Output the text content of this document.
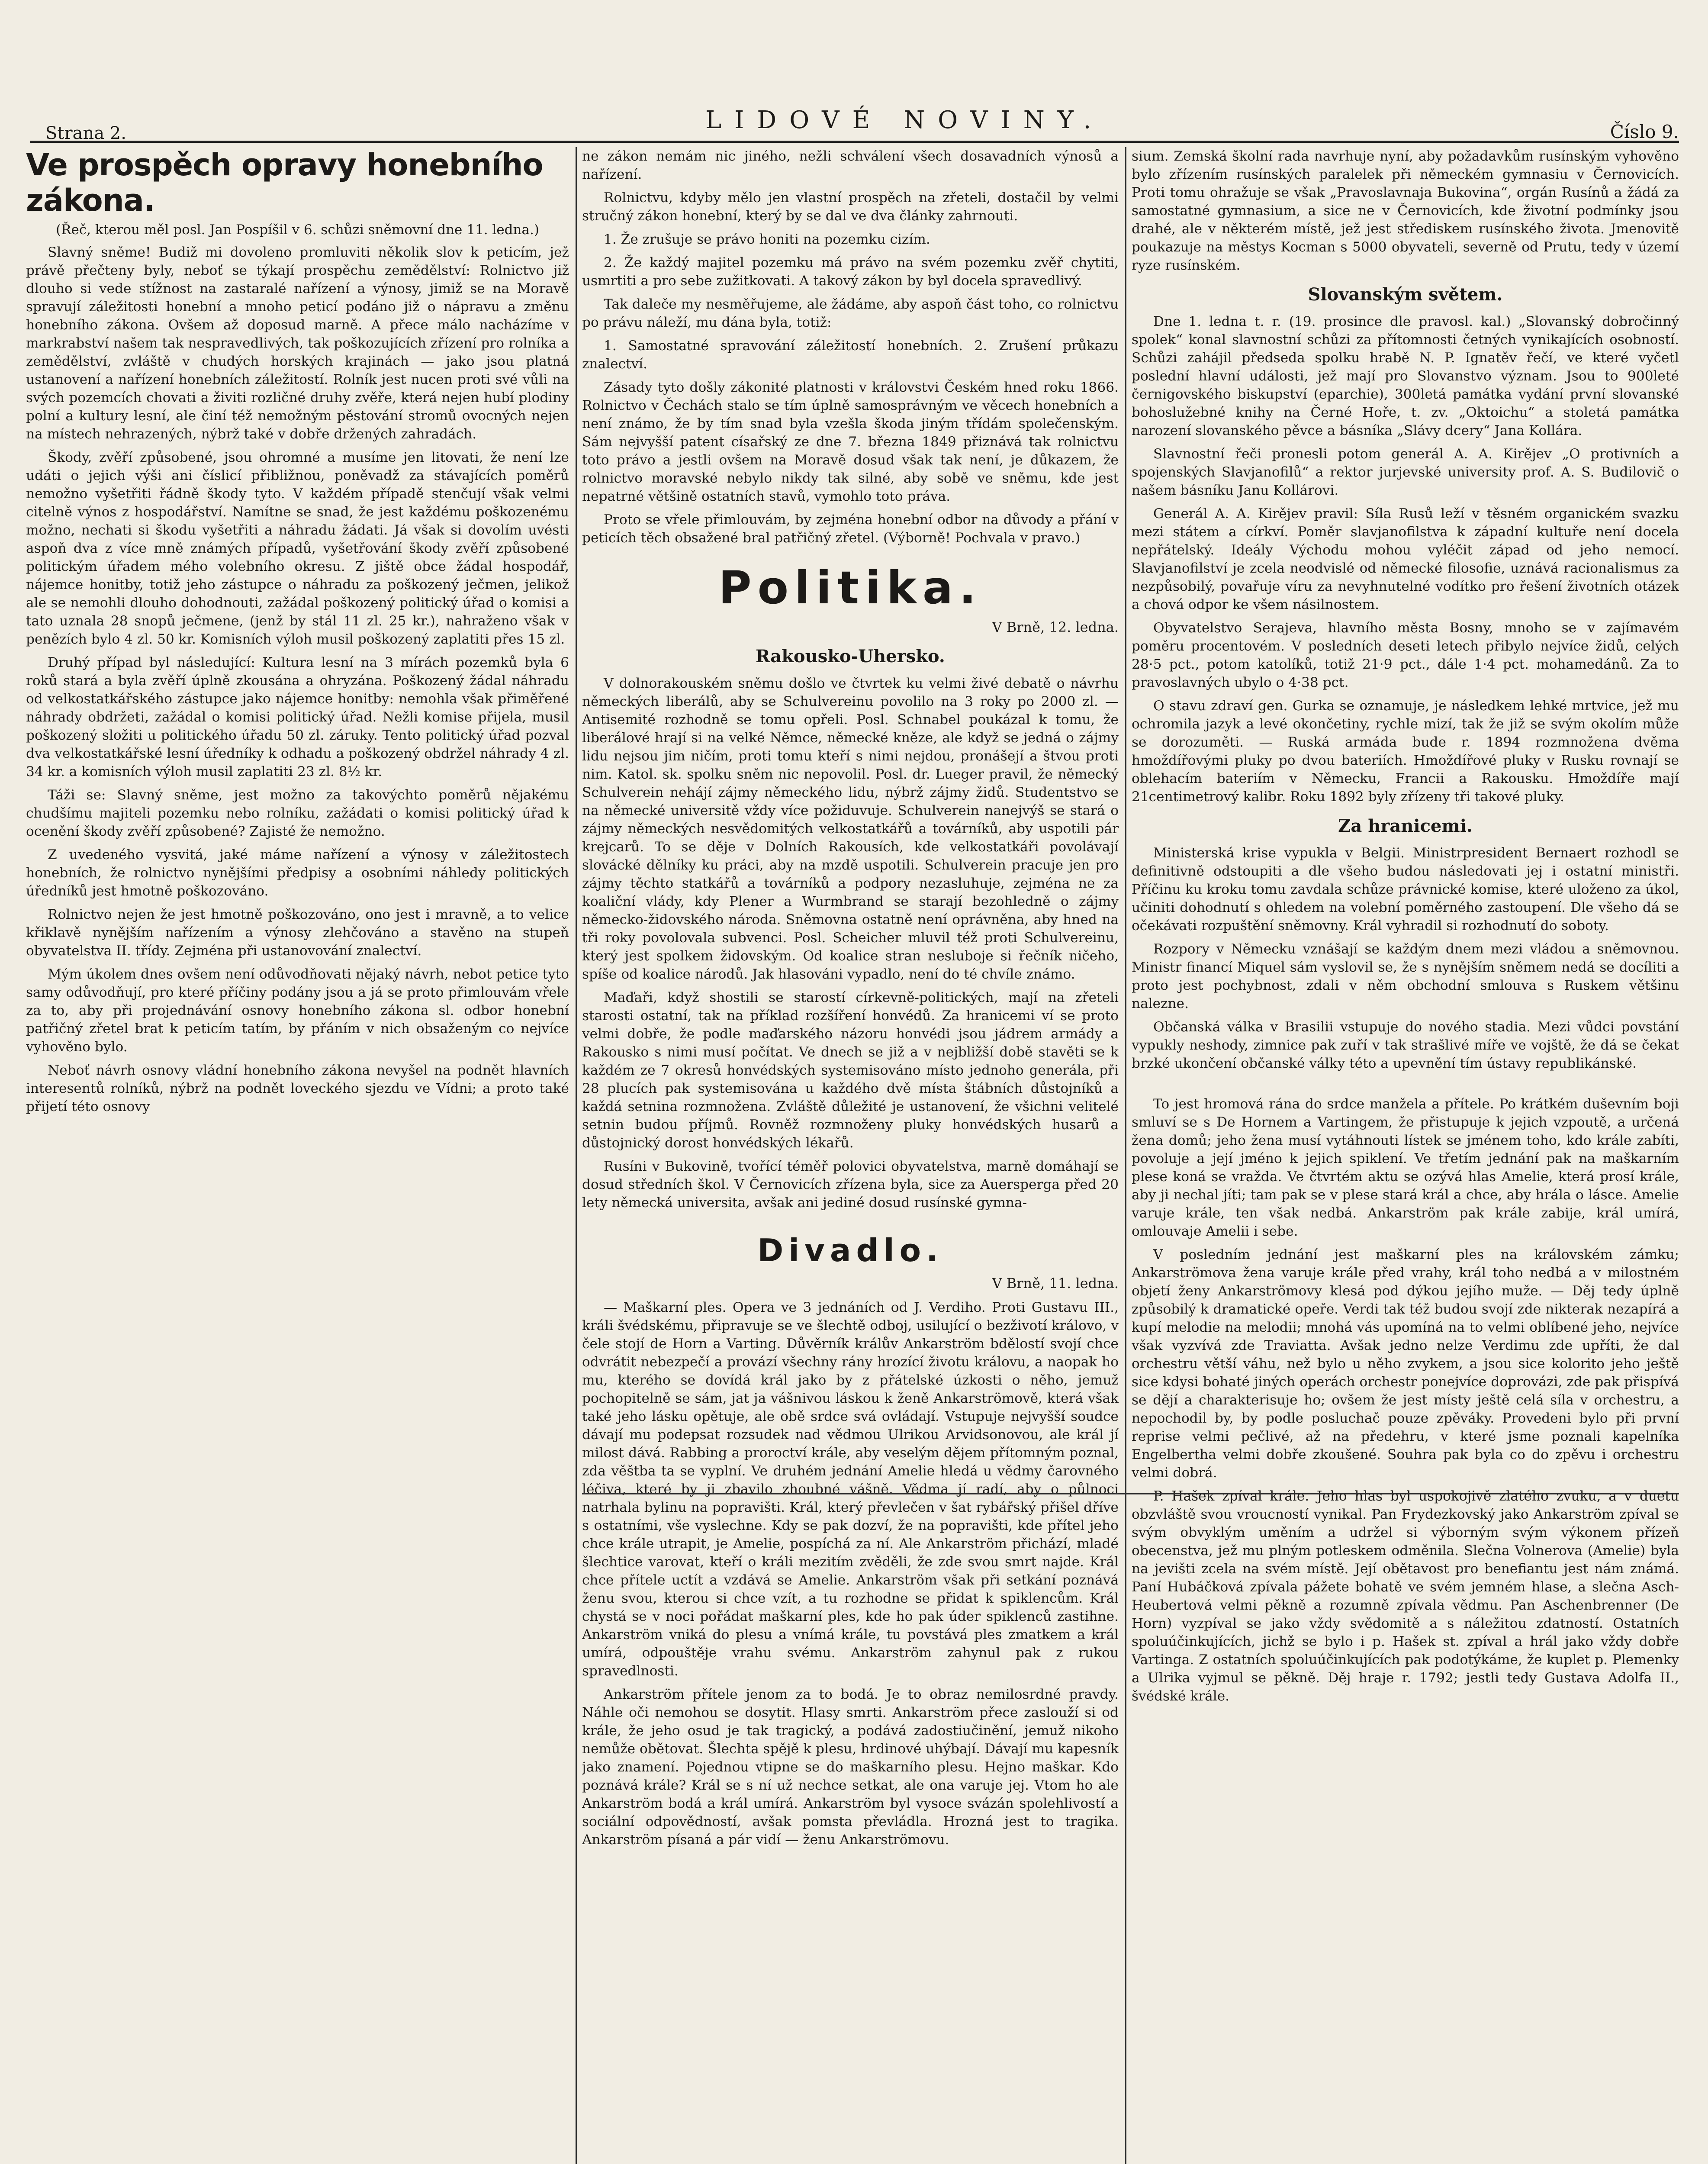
Strana 2.	LIDOVÉ NOVINY.	Číslo 9.
Ve prospěch opravy honebního zákona.
(Řeč, kterou měl posl. Jan Pospíšil v 6. schůzi sněmovní dne 11. ledna.)

Slavný sněme! Budiž mi dovoleno promluviti několik slov k peticím, jež právě přečteny byly, neboť se týkají prospěchu zemědělství: Rolnictvo již dlouho si vede stížnost na zastaralé nařízení a výnosy, jimiž se na Moravě spravují záležitosti honební a mnoho peticí podáno již o nápravu a změnu honebního zákona. Ovšem až doposud marně. A přece málo nacházíme v markrabství našem tak nespravedlivých, tak poškozujících zřízení pro rolníka a zemědělství, zvláště v chudých horských krajinách — jako jsou platná ustanovení a nařízení honebních záležitostí. Rolník jest nucen proti své vůli na svých pozemcích chovati a živiti rozličné druhy zvěře, která nejen hubí plodiny polní a kultury lesní, ale činí též nemožným pěstování stromů ovocných nejen na místech nehrazených, nýbrž také v dobře držených zahradách.

Škody, zvěří způsobené, jsou ohromné a musíme jen litovati, že není lze udáti o jejich výši ani číslicí přibližnou, poněvadž za stávajících poměrů nemožno vyšetřiti řádně škody tyto. V každém případě stenčují však velmi citelně výnos z hospodářství. Namítne se snad, že jest každému poškozenému možno, nechati si škodu vyšetřiti a náhradu žádati. Já však si dovolím uvésti aspoň dva z více mně známých případů, vyšetřování škody zvěří způsobené politickým úřadem mého volebního okresu. Z jiště obce žádal hospodář, nájemce honitby, totiž jeho zástupce o náhradu za poškozený ječmen, jelikož ale se nemohli dlouho dohodnouti, zažádal poškozený politický úřad o komisi a tato uznala 28 snopů ječmene, (jenž by stál 11 zl. 25 kr.), nahraženo však v penězích bylo 4 zl. 50 kr. Komisních výloh musil poškozený zaplatiti přes 15 zl.

Druhý případ byl následující: Kultura lesní na 3 mírách pozemků byla 6 roků stará a byla zvěří úplně zkousána a ohryzána. Poškozený žádal náhradu od velkostatkářského zástupce jako nájemce honitby: nemohla však přiměřené náhrady obdržeti, zažádal o komisi politický úřad. Nežli komise přijela, musil poškozený složiti u politického úřadu 50 zl. záruky. Tento politický úřad pozval dva velkostatkářské lesní úředníky k odhadu a poškozený obdržel náhrady 4 zl. 34 kr. a komisních výloh musil zaplatiti 23 zl. 8½ kr.

Táži se: Slavný sněme, jest možno za takovýchto poměrů nějakému chudšímu majiteli pozemku nebo rolníku, zažádati o komisi politický úřad k ocenění škody zvěří způsobené? Zajisté že nemožno.

Z uvedeného vysvitá, jaké máme nařízení a výnosy v záležitostech honebních, že rolnictvo nynějšími předpisy a osobními náhledy politických úředníků jest hmotně poškozováno.

Rolnictvo nejen že jest hmotně poškozováno, ono jest i mravně, a to velice křiklavě nynějším nařízením a výnosy zlehčováno a stavěno na stupeň obyvatelstva II. třídy. Zejména při ustanovování znalectví.

Mým úkolem dnes ovšem není odůvodňovati nějaký návrh, nebot petice tyto samy odůvodňují, pro které příčiny podány jsou a já se proto přimlouvám vřele za to, aby při projednávání osnovy honebního zákona sl. odbor honební patřičný zřetel brat k peticím tatím, by přáním v nich obsaženým co nejvíce vyhověno bylo.

Neboť návrh osnovy vládní honebního zákona nevyšel na podnět hlavních interesentů rolníků, nýbrž na podnět loveckého sjezdu ve Vídni; a proto také přijetí této osnovy

ne zákon nemám nic jiného, nežli schválení všech dosavadních výnosů a nařízení.

Rolnictvu, kdyby mělo jen vlastní prospěch na zřeteli, dostačil by velmi stručný zákon honební, který by se dal ve dva články zahrnouti.

1. Že zrušuje se právo honiti na pozemku cizím.

2. Že každý majitel pozemku má právo na svém pozemku zvěř chytiti, usmrtiti a pro sebe zužitkovati. A takový zákon by byl docela spravedlivý.

Tak daleče my nesměřujeme, ale žádáme, aby aspoň část toho, co rolnictvu po právu náleží, mu dána byla, totiž:

1. Samostatné spravování záležitostí honebních. 2. Zrušení průkazu znalectví.

Zásady tyto došly zákonité platnosti v královstvi Českém hned roku 1866. Rolnictvo v Čechách stalo se tím úplně samosprávným ve věcech honebních a není známo, že by tím snad byla vzešla škoda jiným třídám společenským. Sám nejvyšší patent císařský ze dne 7. března 1849 přiznává tak rolnictvu toto právo a jestli ovšem na Moravě dosud však tak není, je důkazem, že rolnictvo moravské nebylo nikdy tak silné, aby sobě ve sněmu, kde jest nepatrné většině ostatních stavů, vymohlo toto práva.

Proto se vřele přimlouvám, by zejména honební odbor na důvody a přání v peticích těch obsažené bral patřičný zřetel. (Výborně! Pochvala v pravo.)

Politika.
V Brně, 12. ledna.
Rakousko-Uhersko.

V dolnorakouském sněmu došlo ve čtvrtek ku velmi živé debatě o návrhu německých liberálů, aby se Schulvereinu povolilo na 3 roky po 2000 zl. — Antisemité rozhodně se tomu opřeli. Posl. Schnabel poukázal k tomu, že liberálové hrají si na velké Němce, německé kněze, ale když se jedná o zájmy lidu nejsou jim ničím, proti tomu kteří s nimi nejdou, pronášejí a štvou proti nim. Katol. sk. spolku sněm nic nepovolil. Posl. dr. Lueger pravil, že německý Schulverein nehájí zájmy německého lidu, nýbrž zájmy židů. Studentstvo se na německé universitě vždy více požiduvuje. Schulverein nanejvýš se stará o zájmy německých nesvědomitých velkostatkářů a továrníků, aby uspotili pár krejcarů. To se děje v Dolních Rakousích, kde velkostatkáři povolávají slovácké dělníky ku práci, aby na mzdě uspotili. Schulverein pracuje jen pro zájmy těchto statkářů a továrníků a podpory nezasluhuje, zejména ne za koaliční vlády, kdy Plener a Wurmbrand se starají bezohledně o zájmy německo-židovského národa. Sněmovna ostatně není oprávněna, aby hned na tři roky povolovala subvenci. Posl. Scheicher mluvil též proti Schulvereinu, který jest spolkem židovským. Od koalice stran nesluboje si řečník ničeho, spíše od koalice národů. Jak hlasováni vypadlo, není do té chvíle známo.

Maďaři, když shostili se starostí církevně-politických, mají na zřeteli starosti ostatní, tak na příklad rozšíření honvédů. Za hranicemi ví se proto velmi dobře, že podle maďarského názoru honvédi jsou jádrem armády a Rakousko s nimi musí počítat. Ve dnech se již a v nejbližší době stavěti se k každém ze 7 okresů honvédských systemisováno místo jednoho generála, při 28 plucích pak systemisována u každého dvě místa štábních důstojníků a každá setnina rozmnožena. Zvláště důležité je ustanovení, že všichni velitelé setnin budou příjmů. Rovněž rozmnoženy pluky honvédských husarů a důstojnický dorost honvédských lékařů.

Rusíni v Bukovině, tvořící téměř polovici obyvatelstva, marně domáhají se dosud středních škol. V Černovicích zřízena byla, sice za Auerspergа před 20 lety německá universita, avšak ani jediné dosud rusínské gymna-

Divadlo.
V Brně, 11. ledna.

— Maškarní ples. Opera ve 3 jednáních od J. Verdiho. Proti Gustavu III., králi švédskému, připravuje se ve šlechtě odboj, usilující o bezživotí královo, v čele stojí de Horn a Varting. Důvěrník králův Ankarström bdělostí svojí chce odvrátit nebezpečí a provází všechny rány hrozící životu královu, a naopak ho mu, kterého se dovídá král jako by z přátelské úzkosti o něho, jemuž pochopitelně se sám, jat ja vášnivou láskou k ženě Ankarströmově, která však také jeho lásku opětuje, ale obě srdce svá ovládají. Vstupuje nejvyšší soudce dávají mu podepsat rozsudek nad vědmou Ulrikou Arvidsonovou, ale král jí milost dává. Rabbing a proroctví krále, aby veselým dějem přítomným poznal, zda věštba ta se vyplní. Ve druhém jednání Amelie hledá u vědmy čarovného léčiva, které by ji zbavilo zhoubné vášně. Vědma jí radí, aby o půlnoci natrhala bylinu na popravišti. Král, který převlečen v šat rybářský přišel dříve s ostatními, vše vyslechne. Kdy se pak dozví, že na popravišti, kde přítel jeho chce krále utrapit, je Amelie, pospíchá za ní. Ale Ankarström přichází, mladé šlechtice varovat, kteří o králi mezitím zvěděli, že zde svou smrt najde. Král chce přítele uctít a vzdává se Amelie. Ankarström však při setkání poznává ženu svou, kterou si chce vzít, a tu rozhodne se přidat k spiklencům. Král chystá se v noci pořádat maškarní ples, kde ho pak úder spiklenců zastihne. Ankarström vniká do plesu a vnímá krále, tu povstává ples zmatkem a král umírá, odpouštěje vrahu svému. Ankarström zahynul pak z rukou spravedlnosti.

Ankarström přítele jenom za to bodá. Je to obraz nemilosrdné pravdy. Náhle oči nemohou se dosytit. Hlasy smrti. Ankarström přece zaslouží si od krále, že jeho osud je tak tragický, a podává zadostiučinění, jemuž nikoho nemůže obětovat. Šlechta spějě k plesu, hrdinové uhýbají. Dávají mu kapesník jako znamení. Pojednou vtipne se do maškarního plesu. Hejno maškar. Kdo poznává krále? Král se s ní už nechce setkat, ale ona varuje jej. Vtom ho ale Ankarström bodá a král umírá. Ankarström byl vysoce svázán spolehlivostí a sociální odpovědností, avšak pomsta převládla. Hrozná jest to tragika. Ankarström písaná a pár vidí — ženu Ankarströmovu.

sium. Zemská školní rada navrhuje nyní, aby požadavkům rusínským vyhověno bylo zřízením rusínských paralelek při německém gymnasiu v Černovicích. Proti tomu ohražuje se však „Pravoslavnaja Bukovina“, orgán Rusínů a žádá za samostatné gymnasium, a sice ne v Černovicích, kde životní podmínky jsou drahé, ale v některém místě, jež jest střediskem rusínského života. Jmenovitě poukazuje na městys Kocman s 5000 obyvateli, severně od Prutu, tedy v území ryze rusínském.

Slovanským světem.

Dne 1. ledna t. r. (19. prosince dle pravosl. kal.) „Slovanský dobročinný spolek“ konal slavnostní schůzi za přítomnosti četných vynikajících osobností. Schůzi zahájil předseda spolku hrabě N. P. Ignatěv řečí, ve které vyčetl poslední hlavní události, jež mají pro Slovanstvo význam. Jsou to 900leté černigovského biskupství (eparchie), 300letá památka vydání první slovanské bohoslužebné knihy na Černé Hoře, t. zv. „Oktoichu“ a stoletá památka narození slovanského pěvce a básníka „Slávy dcery“ Jana Kollára.

Slavnostní řeči pronesli potom generál A. A. Kirějev „O protivních a spojenských Slavjanofilů“ a rektor jurjevské university prof. A. S. Budilovič o našem básníku Janu Kollárovi.

Generál A. A. Kirějev pravil: Síla Rusů leží v těsném organickém svazku mezi státem a církví. Poměr slavjanofilstva k západní kultuře není docela nepřátelský. Ideály Východu mohou vyléčit západ od jeho nemocí. Slavjanofilství je zcela neodvislé od německé filosofie, uznává racionalismus za nezpůsobilý, povařuje víru za nevyhnutelné vodítko pro řešení životních otázek a chová odpor ke všem násilnostem.

Obyvatelstvo Serajeva, hlavního města Bosny, mnoho se v zajímavém poměru procentovém. V posledních deseti letech přibylo nejvíce židů, celých 28·5 pct., potom katolíků, totiž 21·9 pct., dále 1·4 pct. mohamedánů. Za to pravoslavných ubylo o 4·38 pct.

O stavu zdraví gen. Gurka se oznamuje, je následkem lehké mrtvice, jež mu ochromila jazyk a levé okončetiny, rychle mizí, tak že již se svým okolím může se dorozuměti. — Ruská armáda bude r. 1894 rozmnožena dvěma hmoždířovými pluky po dvou bateriích. Hmoždířové pluky v Rusku rovnají se oblehacím bateriím v Německu, Francii a Rakousku. Hmoždíře mají 21centimetrový kalibr. Roku 1892 byly zřízeny tři takové pluky.

Za hranicemi.

Ministerská krise vypukla v Belgii. Ministrpresident Bernaert rozhodl se definitivně odstoupiti a dle všeho budou následovati jej i ostatní ministři. Příčinu ku kroku tomu zavdala schůze právnické komise, které uloženo za úkol, učiniti dohodnutí s ohledem na volební poměrného zastoupení. Dle všeho dá se očekávati rozpuštění sněmovny. Král vyhradil si rozhodnutí do soboty.

Rozpory v Německu vznášají se každým dnem mezi vládou a sněmovnou. Ministr financí Miquel sám vyslovil se, že s nynějším sněmem nedá se docíliti a proto jest pochybnost, zdali v něm obchodní smlouva s Ruskem většinu nalezne.

Občanská válka v Brasilii vstupuje do nového stadia. Mezi vůdci povstání vypukly neshody, zimnice pak zuří v tak strašlivé míře ve vojště, že dá se čekat brzké ukončení občanské války této a upevnění tím ústavy republikánské.

To jest hromová rána do srdce manžela a přítele. Po krátkém duševním boji smluví se s De Hornem a Vartingem, že přistupuje k jejich vzpoutě, a určená žena domů; jeho žena musí vytáhnouti lístek se jménem toho, kdo krále zabíti, povoluje a její jméno k jejich spiklení. Ve třetím jednání pak na maškarním plese koná se vražda. Ve čtvrtém aktu se ozývá hlas Amelie, která prosí krále, aby ji nechal jíti; tam pak se v plese stará král a chce, aby hrála o lásce. Amelie varuje krále, ten však nedbá. Ankarström pak krále zabije, král umírá, omlouvaje Amelii i sebe.

V posledním jednání jest maškarní ples na královském zámku; Ankarströmova žena varuje krále před vrahy, král toho nedbá a v milostném objetí ženy Ankarströmovy klesá pod dýkou jejího muže. — Děj tedy úplně způsobilý k dramatické opeře. Verdi tak též budou svojí zde nikterak nezapírá a kupí melodie na melodii; mnohá vás upomíná na to velmi oblíbené jeho, nejvíce však vyzvívá zde Traviatta. Avšak jedno nelze Verdimu zde upříti, že dal orchestru větší váhu, než bylo u něho zvykem, a jsou sice kolorito jeho ještě sice kdysi bohaté jiných operách orchestr ponejvíce doprovázi, zde pak přispívá se dějí a charakterisuje ho; ovšem že jest místy ještě celá síla v orchestru, a nepochodil by, by podle posluchač pouze zpěváky. Provedeni bylo při první reprise velmi pečlivé, až na předehru, v které jsme poznali kapelníka Engelbertha velmi dobře zkoušené. Souhra pak byla co do zpěvu i orchestru velmi dobrá.

P. Hašek zpíval krále. Jeho hlas byl uspokojivě zlatého zvuku, a v duetu obzvláště svou vroucností vynikal. Pan Frydezkovský jako Ankarström zpíval se svým obvyklým uměním a udržel si výborným svým výkonem přízeň obecenstva, jež mu plným potleskem odměnila. Slečna Volnerova (Amelie) byla na jevišti zcela na svém místě. Její obětavost pro benefiantu jest nám známá. Paní Hubáčková zpívala pážete bohatě ve svém jemném hlase, a slečna Asch-Heubertová velmi pěkně a rozumně zpívala vědmu. Pan Aschenbrenner (De Horn) vyzpíval se jako vždy svědomitě a s náležitou zdatností. Ostatních spoluúčinkujících, jichž se bylo i p. Hašek st. zpíval a hrál jako vždy dobře Vartinga. Z ostatních spoluúčinkujících pak podotýkáme, že kuplet p. Plemenky a Ulrika vyjmul se pěkně. Děj hraje r. 1792; jestli tedy Gustava Adolfa II., švédské krále.
